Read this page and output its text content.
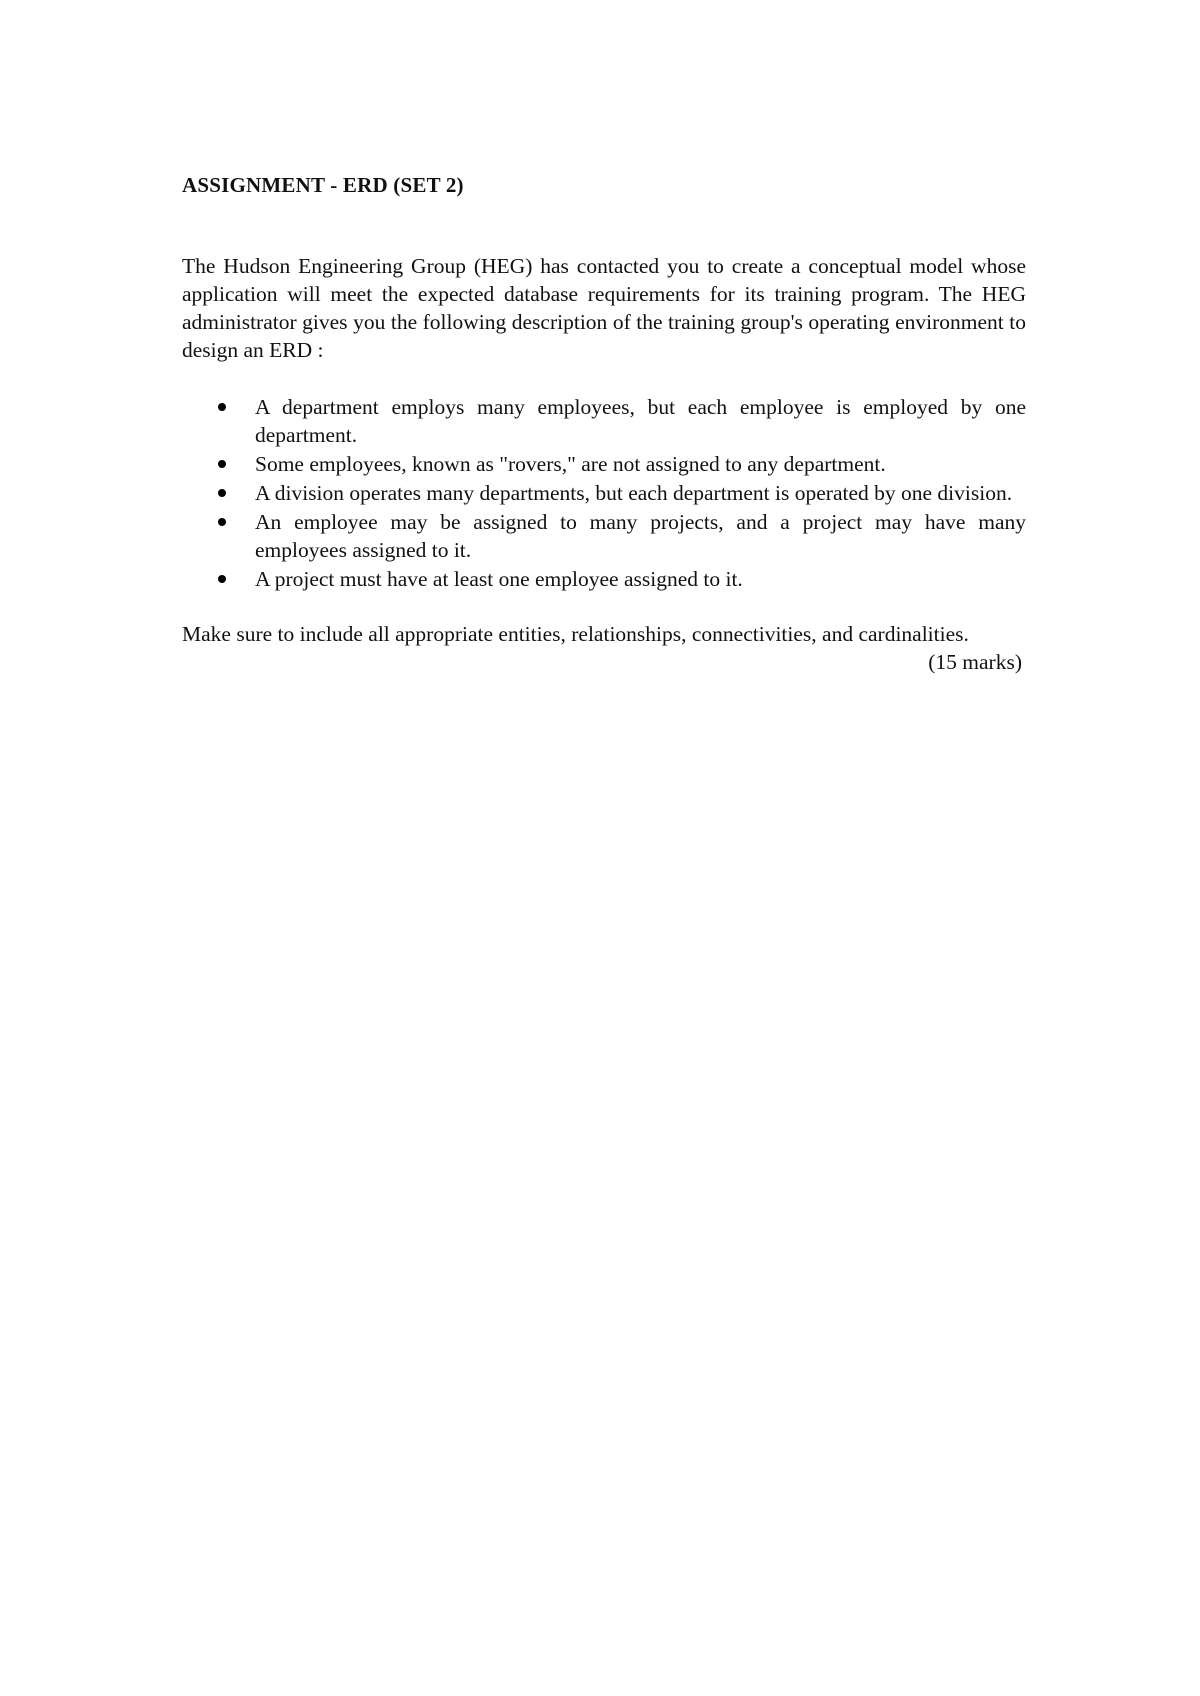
ASSIGNMENT - ERD (SET 2)

The Hudson Engineering Group (HEG) has contacted you to create a conceptual model whose application will meet the expected database requirements for its training program. The HEG administrator gives you the following description of the training group's operating environment to design an ERD :

A department employs many employees, but each employee is employed by one department.
Some employees, known as "rovers," are not assigned to any department.
A division operates many departments, but each department is operated by one division.
An employee may be assigned to many projects, and a project may have many employees assigned to it.
A project must have at least one employee assigned to it.

Make sure to include all appropriate entities, relationships, connectivities, and cardinalities.

(15 marks)
